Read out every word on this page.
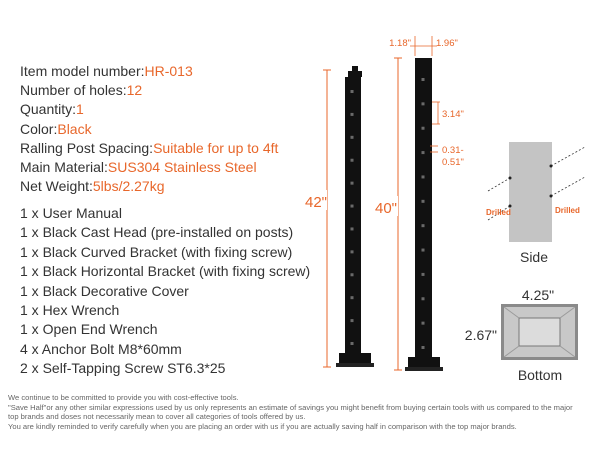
Item model number:HR-013
Number of holes:12
Quantity:1
Color:Black
Ralling Post Spacing:Suitable for up to 4ft
Main Material:SUS304 Stainless Steel
Net Weight:5lbs/2.27kg
1 x User Manual
1 x Black Cast Head (pre-installed on posts)
1 x Black Curved Bracket (with fixing screw)
1 x Black Horizontal Bracket (with fixing screw)
1 x Black Decorative Cover
1 x Hex Wrench
1 x Open End Wrench
4 x Anchor Bolt M8*60mm
2 x Self-Tapping Screw ST6.3*25
42"	40"
1.18"	1.96"
3.14"
0.31-
0.51"
Drilled	Drilled
Side
4.25"
2.67"
Bottom
We continue to be committed to provide you with cost-effective tools.
"Save Half"or any other similar expressions used by us only represents an estimate of savings you might benefit from buying certain tools with us compared to the major
top brands and doses not necessarily mean to cover all categories of tools offered by us.
You are kindly reminded to verify carefully when you are placing an order with us if you are actually saving half in comparison with the top major brands.
